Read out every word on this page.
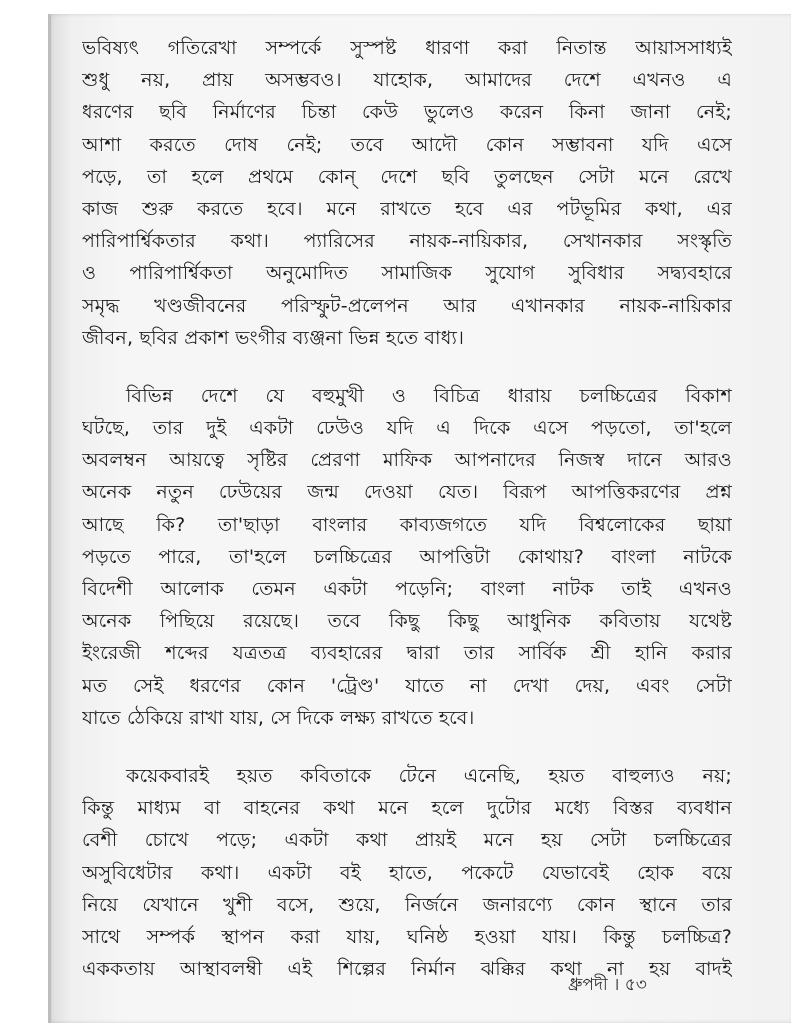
ভবিষ্যৎ গতিরেখা সম্পর্কে সুস্পষ্ট ধারণা করা নিতান্ত আয়াসসাধ্যই
শুধু নয়, প্রায় অসম্ভবও। যাহোক, আমাদের দেশে এখনও এ
ধরণের ছবি নির্মাণের চিন্তা কেউ ভুলেও করেন কিনা জানা নেই;
আশা করতে দোষ নেই; তবে আদৌ কোন সম্ভাবনা যদি এসে
পড়ে, তা হলে প্রথমে কোন্ দেশে ছবি তুলছেন সেটা মনে রেখে
কাজ শুরু করতে হবে। মনে রাখতে হবে এর পটভূমির কথা, এর
পারিপার্শ্বিকতার কথা। প্যারিসের নায়ক-নায়িকার, সেখানকার সংস্কৃতি
ও পারিপার্শ্বিকতা অনুমোদিত সামাজিক সুযোগ সুবিধার সদ্ব্যবহারে
সমৃদ্ধ খণ্ডজীবনের পরিস্ফুট-প্রলেপন আর এখানকার নায়ক-নায়িকার
জীবন, ছবির প্রকাশ ভংগীর ব্যঞ্জনা ভিন্ন হতে বাধ্য।
বিভিন্ন দেশে যে বহুমুখী ও বিচিত্র ধারায় চলচ্চিত্রের বিকাশ
ঘটছে, তার দুই একটা ঢেউও যদি এ দিকে এসে পড়তো, তা'হলে
অবলম্বন আয়ত্বে সৃষ্টির প্রেরণা মাফিক আপনাদের নিজস্ব দানে আরও
অনেক নতুন ঢেউয়ের জন্ম দেওয়া যেত। বিরূপ আপত্তিকরণের প্রশ্ন
আছে কি? তা'ছাড়া বাংলার কাব্যজগতে যদি বিশ্বলোকের ছায়া
পড়তে পারে, তা'হলে চলচ্চিত্রের আপত্তিটা কোথায়? বাংলা নাটকে
বিদেশী আলোক তেমন একটা পড়েনি; বাংলা নাটক তাই এখনও
অনেক পিছিয়ে রয়েছে। তবে কিছু কিছু আধুনিক কবিতায় যথেষ্ট
ইংরেজী শব্দের যত্রতত্র ব্যবহারের দ্বারা তার সার্বিক শ্রী হানি করার
মত সেই ধরণের কোন 'ট্রেণ্ড' যাতে না দেখা দেয়, এবং সেটা
যাতে ঠেকিয়ে রাখা যায়, সে দিকে লক্ষ্য রাখতে হবে।
কয়েকবারই হয়ত কবিতাকে টেনে এনেছি, হয়ত বাহুল্যও নয়;
কিন্তু মাধ্যম বা বাহনের কথা মনে হলে দুটোর মধ্যে বিস্তর ব্যবধান
বেশী চোখে পড়ে; একটা কথা প্রায়ই মনে হয় সেটা চলচ্চিত্রের
অসুবিধেটার কথা। একটা বই হাতে, পকেটে যেভাবেই হোক বয়ে
নিয়ে যেখানে খুশী বসে, শুয়ে, নির্জনে জনারণ্যে কোন স্থানে তার
সাথে সম্পর্ক স্থাপন করা যায়, ঘনিষ্ঠ হওয়া যায়। কিন্তু চলচ্চিত্র?
এককতায় আস্থাবলম্বী এই শিল্পের নির্মান ঝক্কির কথা না হয় বাদই
ধ্রুপদী । ৫৩
